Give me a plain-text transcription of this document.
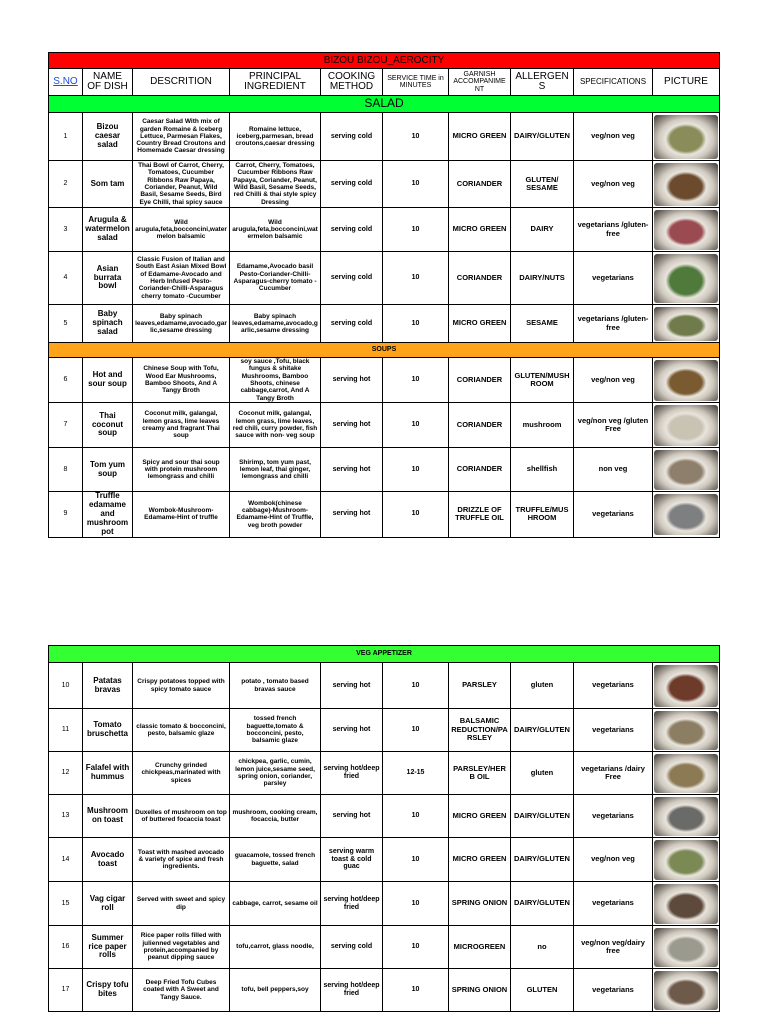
BIZOU BIZOU_AEROCITY									
S.NO	NAME OF DISH	DESCRITION	PRINCIPAL INGREDIENT	COOKING METHOD	SERVICE TIME in MINUTES	GARNISH ACCOMPANIME NT	ALLERGENS	SPECIFICATIONS	PICTURE
SALAD									
1	Bizou caesar salad	Caesar Salad With mix of garden Romaine & Iceberg Lettuce, Parmesan Flakes, Country Bread Croutons and Homemade Caesar dressing	Romaine lettuce, iceberg,parmesan, bread croutons,caesar dressing	serving cold	10	MICRO GREEN	DAIRY/GLUTEN	veg/non veg	

2	Som tam	Thai Bowl of Carrot, Cherry, Tomatoes, Cucumber Ribbons Raw Papaya, Coriander, Peanut, Wild Basil, Sesame Seeds, Bird Eye Chilli, thai spicy sauce	Carrot, Cherry, Tomatoes, Cucumber Ribbons Raw Papaya, Coriander, Peanut, Wild Basil, Sesame Seeds, red Chilli & thai style spicy Dressing	serving cold	10	CORIANDER	GLUTEN/ SESAME	veg/non veg	

3	Arugula & watermelon salad	Wild arugula,feta,bocconcini,watermelon balsamic	Wild arugula,feta,bocconcini,watermelon balsamic	serving cold	10	MICRO GREEN	DAIRY	vegetarians /gluten-free	

4	Asian burrata bowl	Classic Fusion of Italian and South East Asian Mixed Bowl of Edamame-Avocado and Herb Infused Pesto-Coriander-Chilli-Asparagus cherry tomato -Cucumber	Edamame,Avocado basil Pesto-Coriander-Chilli-Asparagus-cherry tomato -Cucumber	serving cold	10	CORIANDER	DAIRY/NUTS	vegetarians	

5	Baby spinach salad	Baby spinach leaves,edamame,avocado,garlic,sesame dressing	Baby spinach leaves,edamame,avocado,garlic,sesame dressing	serving cold	10	MICRO GREEN	SESAME	vegetarians /gluten-free	

SOUPS									
6	Hot and sour soup	Chinese Soup with Tofu, Wood Ear Mushrooms, Bamboo Shoots, And A Tangy Broth	soy sauce ,Tofu, black fungus & shitake Mushrooms, Bamboo Shoots, chinese cabbage,carrot, And A Tangy Broth	serving hot	10	CORIANDER	GLUTEN/MUSHROOM	veg/non veg	

7	Thai coconut soup	Coconut milk, galangal, lemon grass, lime leaves creamy and fragrant Thai soup	Coconut milk, galangal, lemon grass, lime leaves, red chili, curry powder, fish sauce with non- veg soup	serving hot	10	CORIANDER	mushroom	veg/non veg /gluten Free	

8	Tom yum soup	Spicy and sour thai soup with protein mushroom lemongrass and chilli	Shirimp, tom yum past, lemon leaf, thai ginger, lemongrass and chilli	serving hot	10	CORIANDER	shellfish	non veg	

9	Truffle edamame and mushroom pot	Wombok-Mushroom-Edamame-Hint of truffle	Wombok(chinese cabbage)-Mushroom-Edamame-Hint of Truffle, veg broth powder	serving hot	10	DRIZZLE OF TRUFFLE OIL	TRUFFLE/MUSHROOM	vegetarians	
VEG APPETIZER									
10	Patatas bravas	Crispy potatoes topped with spicy tomato sauce	potato , tomato based bravas sauce	serving hot	10	PARSLEY	gluten	vegetarians	

11	Tomato bruschetta	classic tomato & bocconcini, pesto, balsamic glaze	tossed french baguette,tomato & bocconcini, pesto, balsamic glaze	serving hot	10	BALSAMIC REDUCTION/PARSLEY	DAIRY/GLUTEN	vegetarians	

12	Falafel with hummus	Crunchy grinded chickpeas,marinated with spices	chickpea, garlic, cumin, lemon juice,sesame seed, spring onion, coriander, parsley	serving hot/deep fried	12-15	PARSLEY/HERB OIL	gluten	vegetarians /dairy Free	

13	Mushroom on toast	Duxelles of mushroom on top of buttered focaccia toast	mushroom, cooking cream, focaccia, butter	serving hot	10	MICRO GREEN	DAIRY/GLUTEN	vegetarians	

14	Avocado toast	Toast with mashed avocado & variety of spice and fresh ingredients.	guacamole, tossed french baguette, salad	serving warm toast & cold guac	10	MICRO GREEN	DAIRY/GLUTEN	veg/non veg	

15	Vag cigar roll	Served with sweet and spicy dip	cabbage, carrot, sesame oil	serving hot/deep fried	10	SPRING ONION	DAIRY/GLUTEN	vegetarians	

16	Summer rice paper rolls	Rice paper rolls filled with julienned vegetables and protein,accompanied by peanut dipping sauce	tofu,carrot, glass noodle,	serving cold	10	MICROGREEN	no	veg/non veg/dairy free	

17	Crispy tofu bites	Deep Fried Tofu Cubes coated with A Sweet and Tangy Sauce.	tofu, bell peppers,soy	serving hot/deep fried	10	SPRING ONION	GLUTEN	vegetarians	
